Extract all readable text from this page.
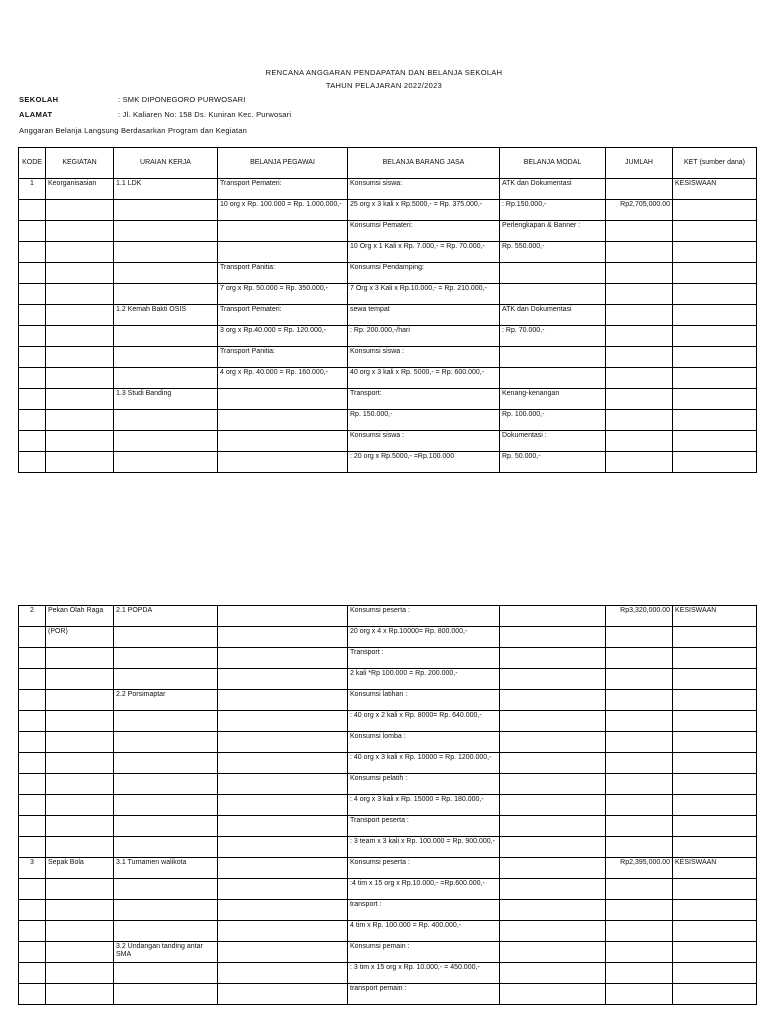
RENCANA ANGGARAN PENDAPATAN DAN BELANJA SEKOLAH
TAHUN PELAJARAN 2022/2023
SEKOLAH	: SMK DIPONEGORO PURWOSARI
ALAMAT	: Jl. Kaliaren No: 158 Ds. Kuniran Kec. Purwosari
Anggaran Belanja Langsung Berdasarkan Program dan Kegiatan
KODE	KEGIATAN	URAIAN KERJA	BELANJA PEGAWAI	BELANJA BARANG JASA	BELANJA MODAL	JUMLAH	KET (sumber dana)
1	Keorganisasian	1.1 LDK	Transport Pemateri:	Konsumsi siswa:	ATK dan Dokumentasi		KESISWAAN
			10 org x Rp. 100.000 = Rp. 1.000.000,-	25 org x 3 kali x Rp.5000,- = Rp. 375.000,-	: Rp.150.000,-	Rp2,705,000.00	
				Konsumsi Pemateri:	Perlengkapan & Banner :		
				10 Org x 1 Kali x Rp. 7.000,- = Rp. 70.000,-	Rp. 550.000,-		
			Transport Panitia:	Konsumsi Pendamping:			
			7 org x Rp. 50.000 = Rp. 350.000,-	7 Org x 3 Kali x Rp.10.000,- = Rp. 210.000,-			
		1.2 Kemah Bakti OSIS	Transport Pemateri:	sewa tempat	ATK dan Dokumentasi		
			3 org x Rp.40.000 = Rp. 120.000,-	: Rp. 200.000,-/hari	: Rp. 70.000,-		
			Transport Panitia:	Konsumsi siswa :			
			4 org x Rp. 40.000 = Rp. 160.000,-	40 org x 3 kali x Rp. 5000,- = Rp. 600.000,-			
		1.3 Studi Banding		Transport:	Kenang-kenangan		
				Rp. 150.000,-	Rp. 100.000,-		
				Konsumsi siswa :	Dokumentasi :		
				: 20 org x Rp.5000,- =Rp.100.000	Rp. 50.000,-		
2	Pekan Olah Raga	2.1 POPDA		Konsumsi peserta :		Rp3,320,000.00	KESISWAAN
	(POR)			20 org x 4 x Rp.10000= Rp. 800.000,-			
				Transport :			
				2 kali *Rp 100.000 = Rp. 200.000,-			
		2.2 Porsimaptar		Konsumsi latihan :			
				: 40 org x 2 kali x Rp. 8000= Rp. 640.000,-			
				Konsumsi lomba :			
				: 40 org x 3 kali x Rp. 10000 = Rp. 1200.000,-			
				Konsumsi pelatih :			
				: 4 org x 3 kali x Rp. 15000 = Rp. 180.000,-			
				Transport peserta :			
				: 3 team x 3 kali x Rp. 100.000 = Rp. 900.000,-			
3	Sepak Bola	3.1 Turnamen walikota		Konsumsi peserta :		Rp2,395,000.00	KESISWAAN
				:4 tim x 15 org x Rp.10.000,- =Rp.600.000,-			
				transport :			
				4 tim x Rp. 100.000 = Rp. 400.000,-			
		3.2 Undangan tanding antar SMA		Konsumsi pemain :			
				: 3 tim x 15 org x Rp. 10.000,- = 450.000,-			
				transport pemain :			
